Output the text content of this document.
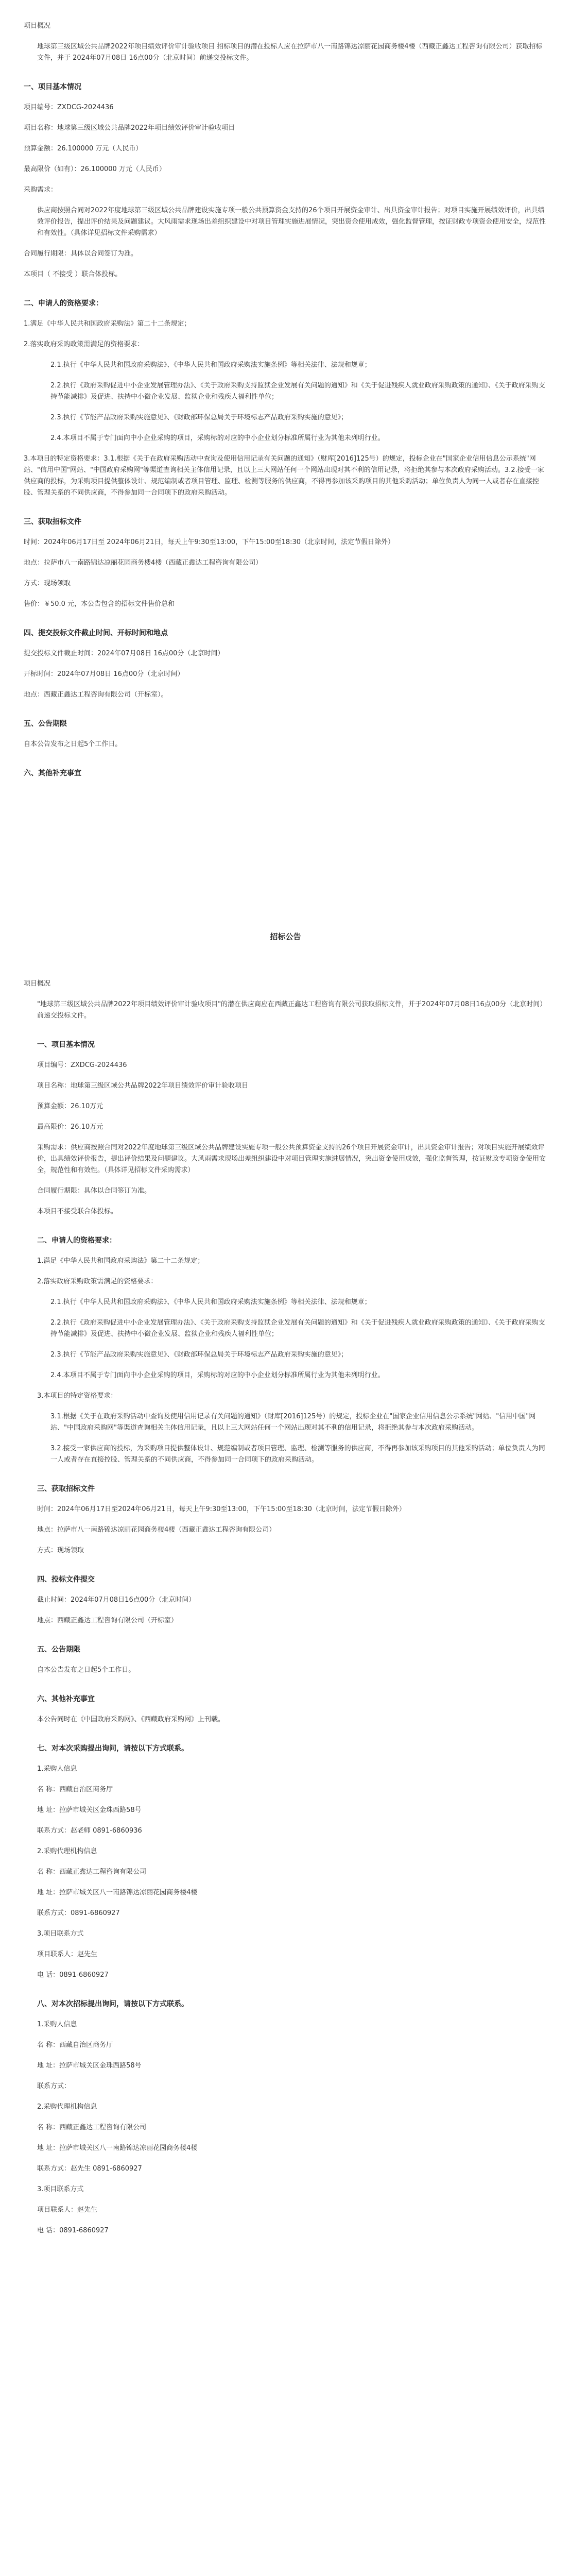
项目概况

地球第三级区域公共品牌2022年项目绩效评价审计验收项目 招标项目的潜在投标人应在拉萨市八一南路锦达凉丽花园商务楼4楼（西藏正鑫达工程咨询有限公司）获取招标文件，并于 2024年07月08日 16点00分（北京时间）前递交投标文件。

一、项目基本情况

项目编号：ZXDCG-2024436

项目名称：地球第三级区域公共品牌2022年项目绩效评价审计验收项目

预算金额：26.100000 万元（人民币）

最高限价（如有）：26.100000 万元（人民币）

采购需求：

供应商按照合同对2022年度地球第三级区域公共品牌建设实施专项一般公共预算资金支持的26个项目开展资金审计、出具资金审计报告；对项目实施开展绩效评价，出具绩效评价报告，提出评价结果及问题建议。大风雨需求现场出差组织建设中对项目管理实施进展情况，突出资金使用成效，强化监督管理，按证财政专项资金使用安全，规范性和有效性。（具体详见招标文件采购需求）

合同履行期限：具体以合同签订为准。

本项目（ 不接受 ）联合体投标。

二、申请人的资格要求：

1.满足《中华人民共和国政府采购法》第二十二条规定；

2.落实政府采购政策需满足的资格要求：

2.1.执行《中华人民共和国政府采购法》、《中华人民共和国政府采购法实施条例》等相关法律、法规和规章；

2.2.执行《政府采购促进中小企业发展管理办法》、《关于政府采购支持监狱企业发展有关问题的通知》和《关于促进残疾人就业政府采购政策的通知》、《关于政府采购支持节能减排》及促进、扶持中小微企业发展、监狱企业和残疾人福利性单位；

2.3.执行《节能产品政府采购实施意见》、《财政部环保总局关于环境标志产品政府采购实施的意见》；

2.4.本项目不属于专门面向中小企业采购的项目，采购标的对应的中小企业划分标准所属行业为其他未列明行业。

3.本项目的特定资格要求：3.1.根据《关于在政府采购活动中查询及使用信用记录有关问题的通知》（财库[2016]125号）的规定，投标企业在"国家企业信用信息公示系统"网站、"信用中国"网站、"中国政府采购网"等渠道查询相关主体信用记录，且以上三大网站任何一个网站出现对其不利的信用记录，将拒绝其参与本次政府采购活动。3.2.接受一家供应商的投标，为采购项目提供整体设计、规范编制或者项目管理、监理、检测等服务的供应商，不得再参加该采购项目的其他采购活动；单位负责人为同一人或者存在直接控股、管理关系的不同供应商，不得参加同一合同项下的政府采购活动。

三、获取招标文件

时间：2024年06月17日至 2024年06月21日，每天上午9:30至13:00，下午15:00至18:30（北京时间，法定节假日除外）

地点：拉萨市八一南路锦达凉丽花园商务楼4楼（西藏正鑫达工程咨询有限公司）

方式：现场领取

售价：￥50.0 元，本公告包含的招标文件售价总和

四、提交投标文件截止时间、开标时间和地点

提交投标文件截止时间：2024年07月08日 16点00分（北京时间）

开标时间：2024年07月08日 16点00分（北京时间）

地点：西藏正鑫达工程咨询有限公司（开标室）。

五、公告期限

自本公告发布之日起5个工作日。

六、其他补充事宜

招标公告

项目概况

"地球第三级区域公共品牌2022年项目绩效评价审计验收项目"的潜在供应商应在西藏正鑫达工程咨询有限公司获取招标文件，并于2024年07月08日16点00分（北京时间）前递交投标文件。

一、项目基本情况

项目编号：ZXDCG-2024436

项目名称：地球第三级区域公共品牌2022年项目绩效评价审计验收项目

预算金额：26.10万元

最高限价：26.10万元

采购需求：供应商按照合同对2022年度地球第三级区域公共品牌建设实施专项一般公共预算资金支持的26个项目开展资金审计，出具资金审计报告；对项目实施开展绩效评价，出具绩效评价报告，提出评价结果及问题建议。大风雨需求现场出差组织建设中对项目管理实施进展情况，突出资金使用成效，强化监督管理，按证财政专项资金使用安全，规范性和有效性。（具体详见招标文件采购需求）

合同履行期限：具体以合同签订为准。

本项目不接受联合体投标。

二、申请人的资格要求：

1.满足《中华人民共和国政府采购法》第二十二条规定；

2.落实政府采购政策需满足的资格要求：

2.1.执行《中华人民共和国政府采购法》、《中华人民共和国政府采购法实施条例》等相关法律、法规和规章；

2.2.执行《政府采购促进中小企业发展管理办法》、《关于政府采购支持监狱企业发展有关问题的通知》和《关于促进残疾人就业政府采购政策的通知》、《关于政府采购支持节能减排》及促进、扶持中小微企业发展、监狱企业和残疾人福利性单位；

2.3.执行《节能产品政府采购实施意见》、《财政部环保总局关于环境标志产品政府采购实施的意见》；

2.4.本项目不属于专门面向中小企业采购的项目，采购标的对应的中小企业划分标准所属行业为其他未列明行业。

3.本项目的特定资格要求：

3.1.根据《关于在政府采购活动中查询及使用信用记录有关问题的通知》（财库[2016]125号）的规定，投标企业在"国家企业信用信息公示系统"网站、"信用中国"网站、"中国政府采购网"等渠道查询相关主体信用记录，且以上三大网站任何一个网站出现对其不利的信用记录，将拒绝其参与本次政府采购活动。

3.2.接受一家供应商的投标，为采购项目提供整体设计、规范编制或者项目管理、监理、检测等服务的供应商，不得再参加该采购项目的其他采购活动；单位负责人为同一人或者存在直接控股、管理关系的不同供应商，不得参加同一合同项下的政府采购活动。

三、获取招标文件

时间：2024年06月17日至2024年06月21日，每天上午9:30至13:00，下午15:00至18:30（北京时间，法定节假日除外）

地点：拉萨市八一南路锦达凉丽花园商务楼4楼（西藏正鑫达工程咨询有限公司）

方式：现场领取

四、投标文件提交

截止时间：2024年07月08日16点00分（北京时间）

地点：西藏正鑫达工程咨询有限公司（开标室）

五、公告期限

自本公告发布之日起5个工作日。

六、其他补充事宜

本公告同时在《中国政府采购网》、《西藏政府采购网》上刊载。

七、对本次采购提出询问，请按以下方式联系。

1.采购人信息

名 称：西藏自治区商务厅

地 址：拉萨市城关区金珠西路58号

联系方式：赵老师 0891-6860936

2.采购代理机构信息

名 称：西藏正鑫达工程咨询有限公司

地 址：拉萨市城关区八一南路锦达凉丽花园商务楼4楼

联系方式：0891-6860927

3.项目联系方式

项目联系人：赵先生

电 话：0891-6860927

八、对本次招标提出询问，请按以下方式联系。

1.采购人信息

名 称：西藏自治区商务厅

地 址：拉萨市城关区金珠西路58号

联系方式：

2.采购代理机构信息

名 称：西藏正鑫达工程咨询有限公司

地 址：拉萨市城关区八一南路锦达凉丽花园商务楼4楼

联系方式：赵先生 0891-6860927

3.项目联系方式

项目联系人：赵先生

电 话：0891-6860927
